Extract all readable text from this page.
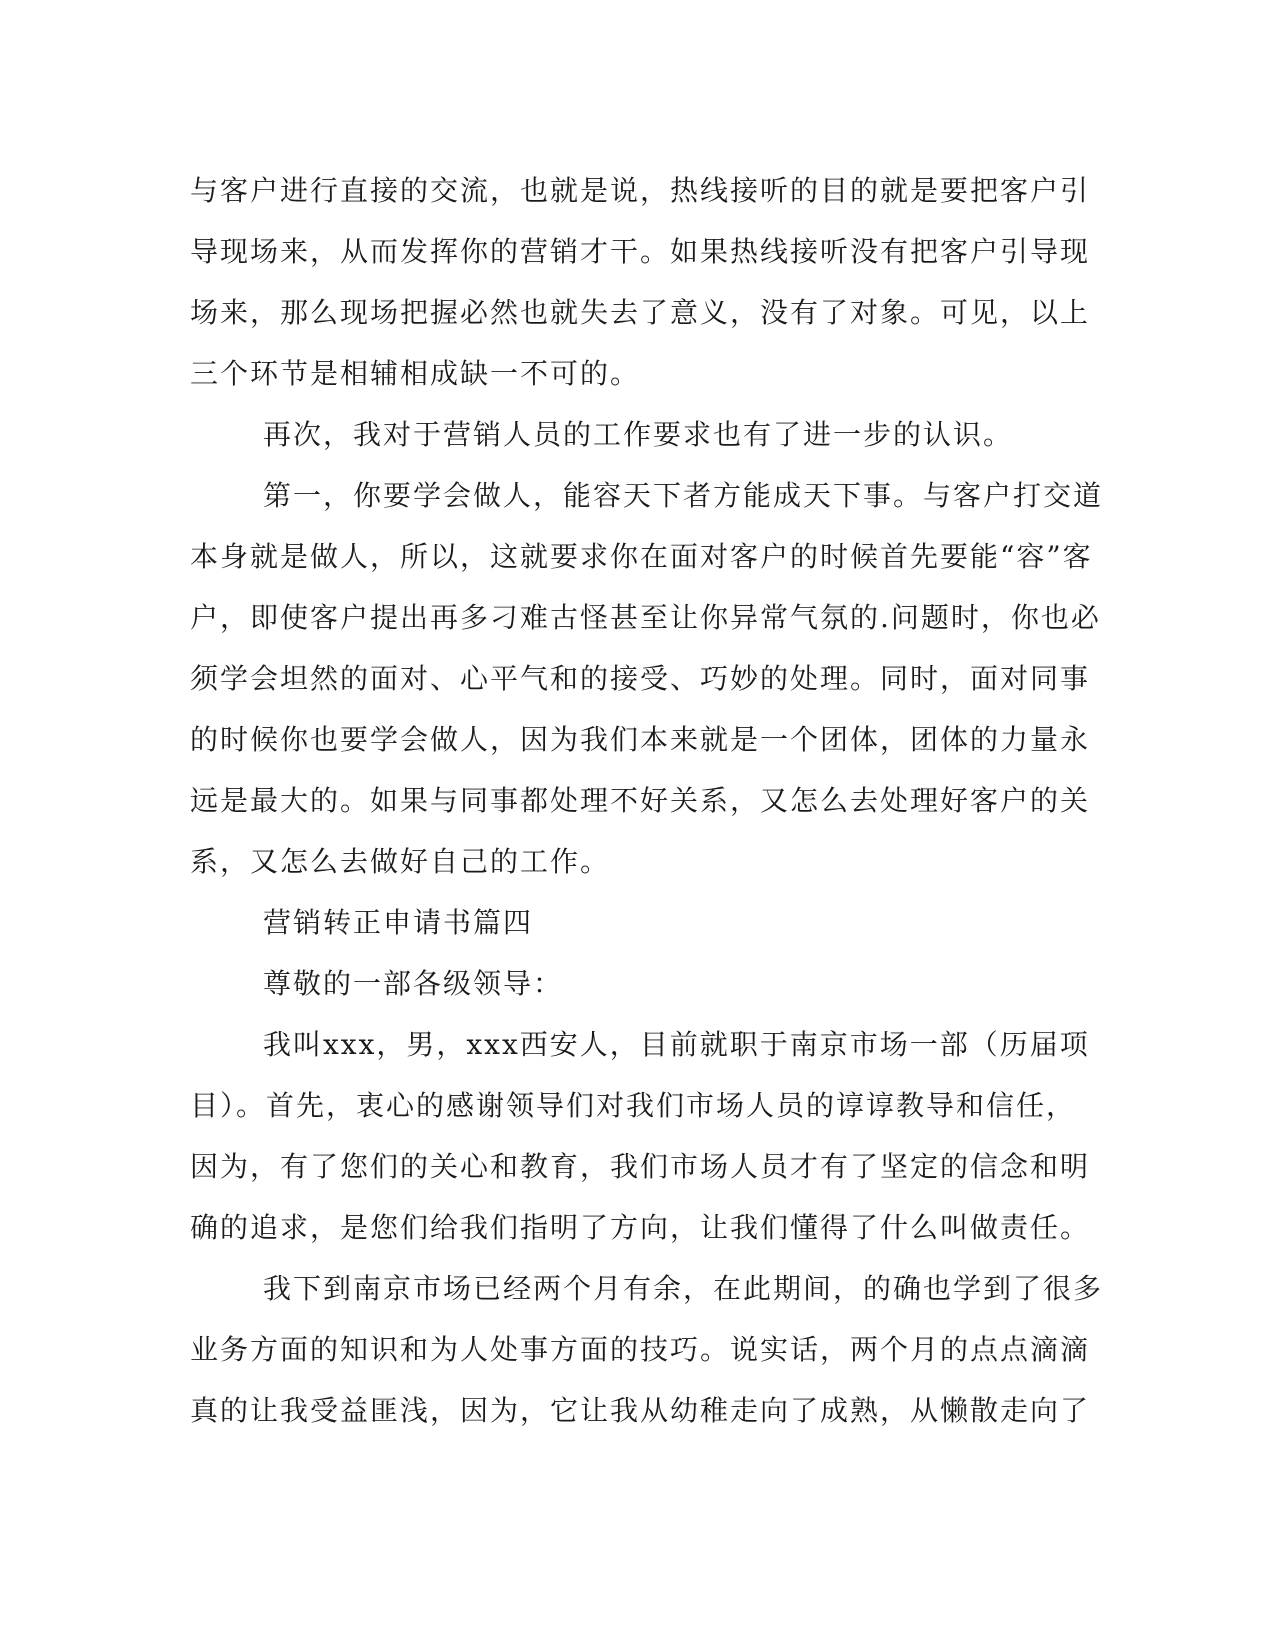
与客户进行直接的交流，也就是说，热线接听的目的就是要把客户引
导现场来，从而发挥你的营销才干。如果热线接听没有把客户引导现
场来，那么现场把握必然也就失去了意义，没有了对象。可见，以上
三个环节是相辅相成缺一不可的。
再次，我对于营销人员的工作要求也有了进一步的认识。
第一，你要学会做人，能容天下者方能成天下事。与客户打交道
本身就是做人，所以，这就要求你在面对客户的时候首先要能“容”客
户，即使客户提出再多刁难古怪甚至让你异常气氛的.问题时，你也必
须学会坦然的面对、心平气和的接受、巧妙的处理。同时，面对同事
的时候你也要学会做人，因为我们本来就是一个团体，团体的力量永
远是最大的。如果与同事都处理不好关系，又怎么去处理好客户的关
系，又怎么去做好自己的工作。
营销转正申请书篇四
尊敬的一部各级领导：
我叫xxx，男，xxx西安人，目前就职于南京市场一部（历届项
目）。首先，衷心的感谢领导们对我们市场人员的谆谆教导和信任，
因为，有了您们的关心和教育，我们市场人员才有了坚定的信念和明
确的追求，是您们给我们指明了方向，让我们懂得了什么叫做责任。
我下到南京市场已经两个月有余，在此期间，的确也学到了很多
业务方面的知识和为人处事方面的技巧。说实话，两个月的点点滴滴
真的让我受益匪浅，因为，它让我从幼稚走向了成熟，从懒散走向了
